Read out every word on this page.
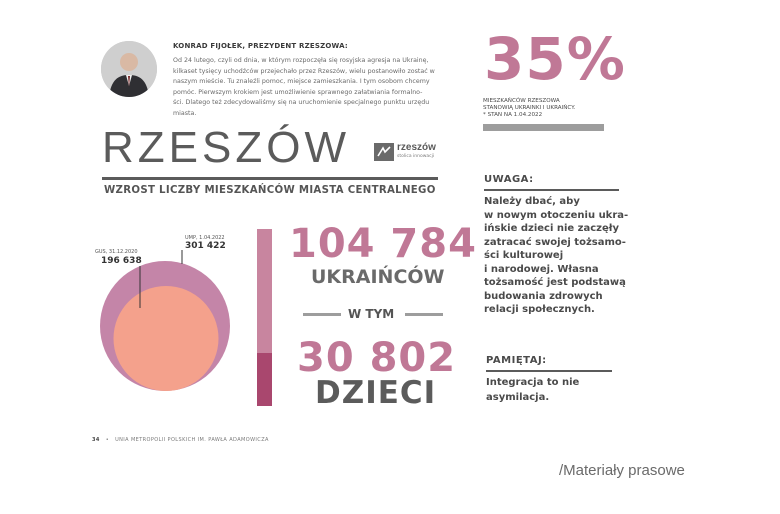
KONRAD FIJOŁEK, PREZYDENT RZESZOWA:
Od 24 lutego, czyli od dnia, w którym rozpoczęła się rosyjska agresja na Ukrainę,
kilkaset tysięcy uchodźców przejechało przez Rzeszów, wielu postanowiło zostać w
naszym mieście. Tu znaleźli pomoc, miejsce zamieszkania. I tym osobom chcemy
pomóc. Pierwszym krokiem jest umożliwienie sprawnego załatwiania formalno-
ści. Dlatego też zdecydowaliśmy się na uruchomienie specjalnego punktu urzędu
miasta.
35%
MIESZKAŃCÓW RZESZOWA
STANOWIĄ UKRAINKI I UKRAIŃCY.
* STAN NA 1.04.2022
RZESZÓW	rzeszów
stolica innowacji
WZROST LICZBY MIESZKAŃCÓW MIASTA CENTRALNEGO
GUS, 31.12.2020
196 638
UMP, 1.04.2022
301 422 104 784
UKRAIŃCÓW
W TYM
30 802
DZIECI
UWAGA:
Należy dbać, aby
w nowym otoczeniu ukra-
ińskie dzieci nie zaczęły
zatracać swojej tożsamo-
ści kulturowej
i narodowej. Własna
tożsamość jest podstawą
budowania zdrowych
relacji społecznych.
PAMIĘTAJ:
Integracja to nie
asymilacja.
34 • UNIA METROPOLII POLSKICH IM. PAWŁA ADAMOWICZA
/Materiały prasowe
